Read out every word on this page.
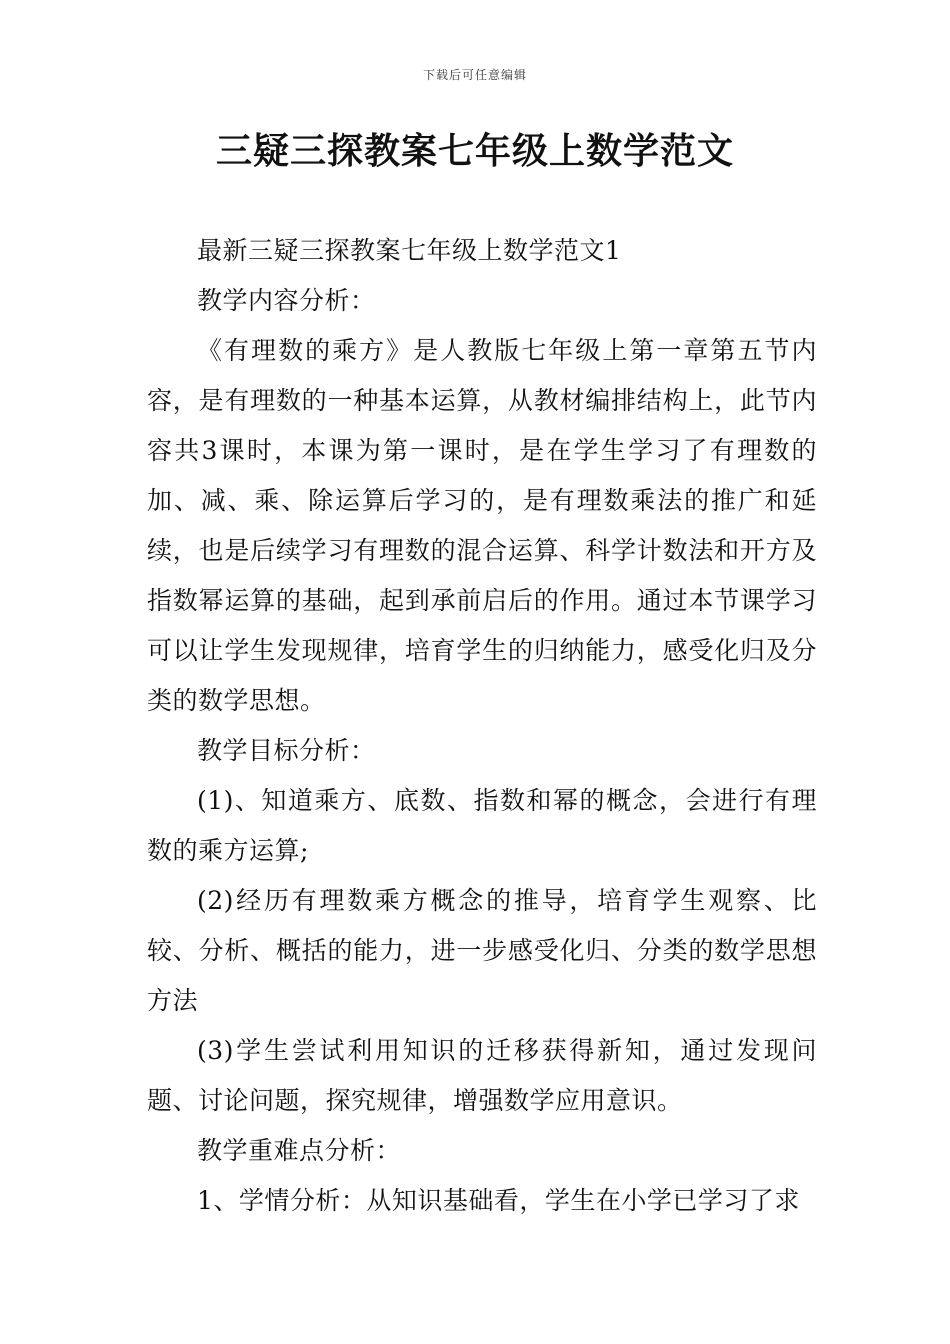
下载后可任意编辑
三疑三探教案七年级上数学范文

最新三疑三探教案七年级上数学范文1

教学内容分析：

《有理数的乘方》是人教版七年级上第一章第五节内容，是有理数的一种基本运算，从教材编排结构上，此节内容共3课时，本课为第一课时，是在学生学习了有理数的加、减、乘、除运算后学习的，是有理数乘法的推广和延续，也是后续学习有理数的混合运算、科学计数法和开方及指数幂运算的基础，起到承前启后的作用。通过本节课学习可以让学生发现规律，培育学生的归纳能力，感受化归及分类的数学思想。

教学目标分析：

(1)、知道乘方、底数、指数和幂的概念，会进行有理数的乘方运算;

(2)经历有理数乘方概念的推导，培育学生观察、比较、分析、概括的能力，进一步感受化归、分类的数学思想方法

(3)学生尝试利用知识的迁移获得新知，通过发现问题、讨论问题，探究规律，增强数学应用意识。

教学重难点分析：

1、学情分析：从知识基础看，学生在小学已学习了求
